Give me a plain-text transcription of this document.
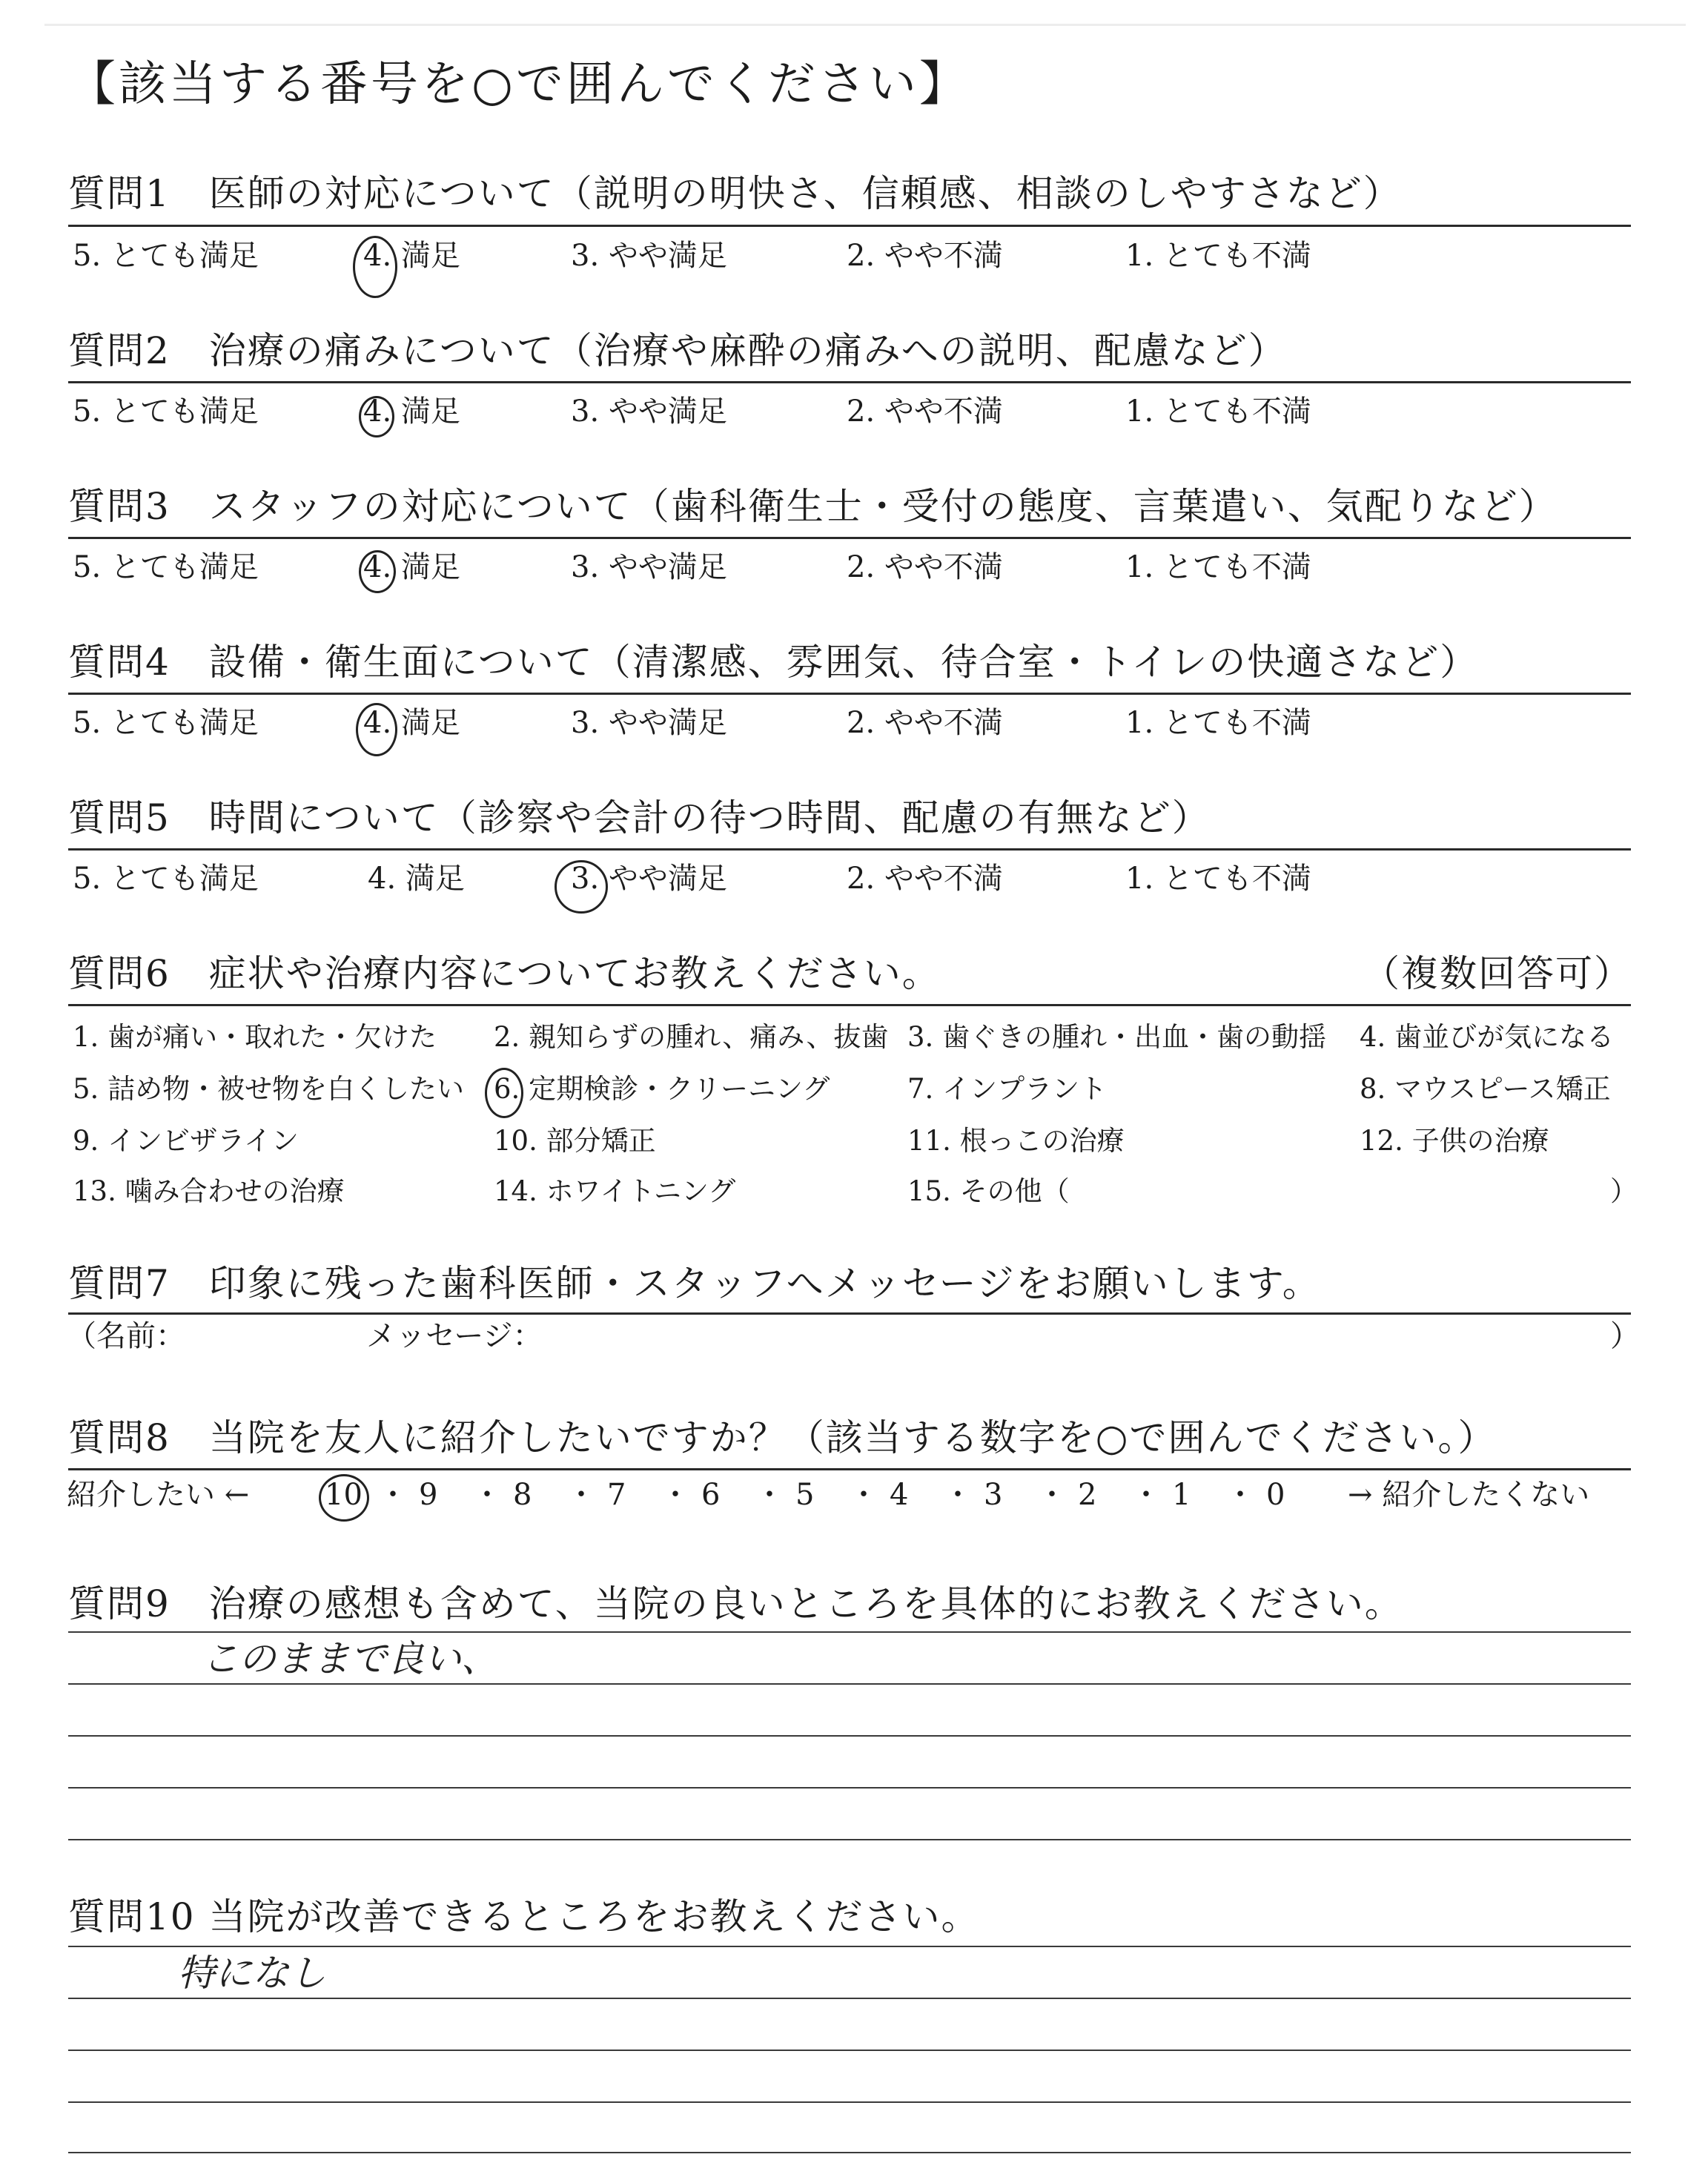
【該当する番号を○で囲んでください】
質問1　医師の対応について（説明の明快さ、信頼感、相談のしやすさなど）
5. とても満足	4. 満足	3. やや満足	2. やや不満	1. とても不満
質問2　治療の痛みについて（治療や麻酔の痛みへの説明、配慮など）
5. とても満足	4. 満足	3. やや満足	2. やや不満	1. とても不満
質問3　スタッフの対応について（歯科衛生士・受付の態度、言葉遣い、気配りなど）
5. とても満足	4. 満足	3. やや満足	2. やや不満	1. とても不満
質問4　設備・衛生面について（清潔感、雰囲気、待合室・トイレの快適さなど）
5. とても満足	4. 満足	3. やや満足	2. やや不満	1. とても不満
質問5　時間について（診察や会計の待つ時間、配慮の有無など）
5. とても満足	4. 満足	3. やや満足	2. やや不満	1. とても不満
質問6　症状や治療内容についてお教えください。	（複数回答可）
1. 歯が痛い・取れた・欠けた 2. 親知らずの腫れ、痛み、抜歯 3. 歯ぐきの腫れ・出血・歯の動揺 4. 歯並びが気になる
5. 詰め物・被せ物を白くしたい 6. 定期検診・クリーニング	7. インプラント	8. マウスピース矯正
9. インビザライン	10. 部分矯正	11. 根っこの治療	12. 子供の治療
13. 噛み合わせの治療	14. ホワイトニング	15. その他（	）
質問7　印象に残った歯科医師・スタッフへメッセージをお願いします。
（名前：	メッセージ：	）
質問8　当院を友人に紹介したいですか？（該当する数字を○で囲んでください。）
紹介したい ←	10 ・ 9 ・ 8 ・ 7 ・ 6 ・ 5 ・ 4 ・ 3 ・ 2 ・ 1 ・ 0 → 紹介したくない
質問9　治療の感想も含めて、当院の良いところを具体的にお教えください。
このままで良い、
質問10 当院が改善できるところをお教えください。
特になし
